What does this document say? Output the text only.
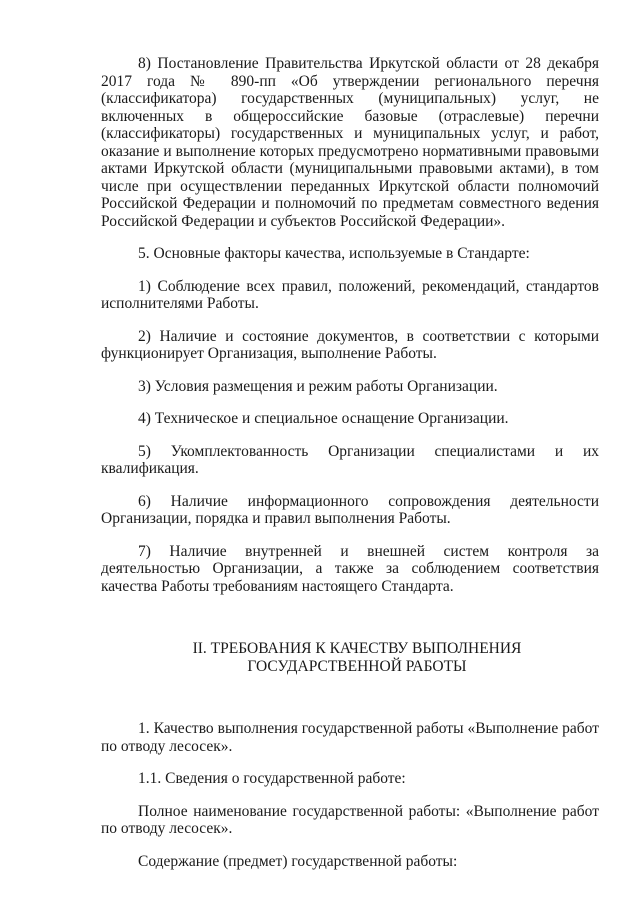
8) Постановление Правительства Иркутской области от 28 декабря 2017 года № 890-пп «Об утверждении регионального перечня (классификатора) государственных (муниципальных) услуг, не включенных в общероссийские базовые (отраслевые) перечни (классификаторы) государственных и муниципальных услуг, и работ, оказание и выполнение которых предусмотрено нормативными правовыми актами Иркутской области (муниципальными правовыми актами), в том числе при осуществлении переданных Иркутской области полномочий Российской Федерации и полномочий по предметам совместного ведения Российской Федерации и субъектов Российской Федерации».

5. Основные факторы качества, используемые в Стандарте:

1) Соблюдение всех правил, положений, рекомендаций, стандартов исполнителями Работы.

2) Наличие и состояние документов, в соответствии с которыми функционирует Организация, выполнение Работы.

3) Условия размещения и режим работы Организации.

4) Техническое и специальное оснащение Организации.

5) Укомплектованность Организации специалистами и их квалификация.

6) Наличие информационного сопровождения деятельности Организации, порядка и правил выполнения Работы.

7) Наличие внутренней и внешней систем контроля за деятельностью Организации, а также за соблюдением соответствия качества Работы требованиям настоящего Стандарта.

II. ТРЕБОВАНИЯ К КАЧЕСТВУ ВЫПОЛНЕНИЯ
ГОСУДАРСТВЕННОЙ РАБОТЫ

1. Качество выполнения государственной работы «Выполнение работ по отводу лесосек».

1.1. Сведения о государственной работе:

Полное наименование государственной работы: «Выполнение работ по отводу лесосек».

Содержание (предмет) государственной работы:
